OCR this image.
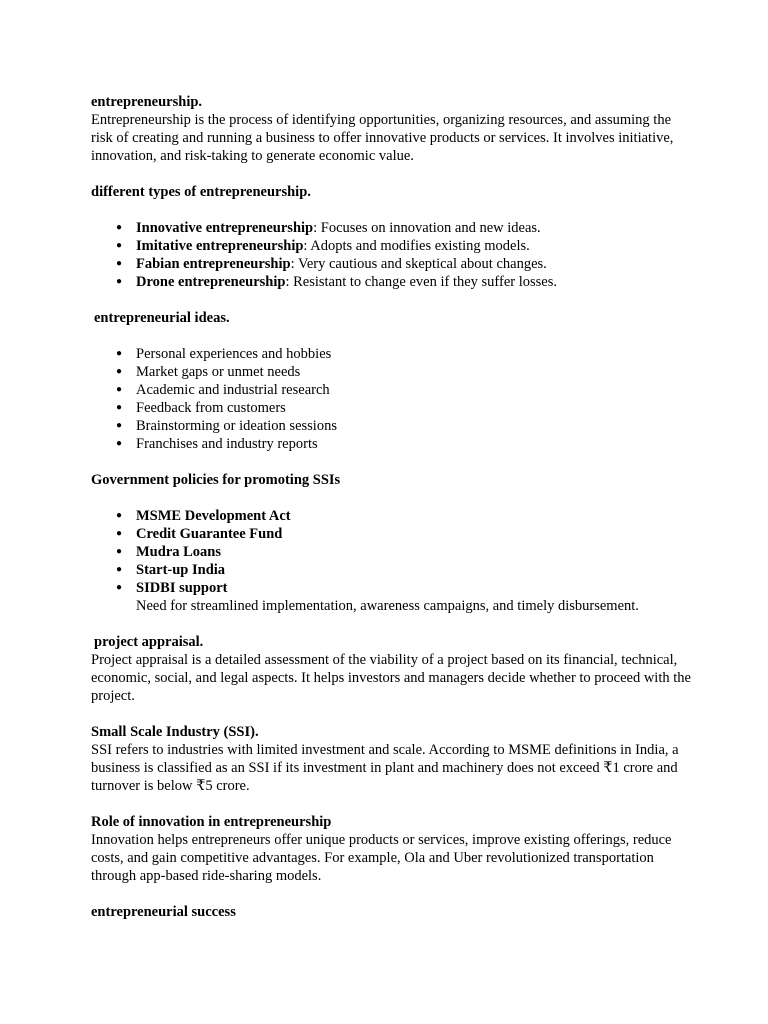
entrepreneurship.

Entrepreneurship is the process of identifying opportunities, organizing resources, and assuming the risk of creating and running a business to offer innovative products or services. It involves initiative, innovation, and risk-taking to generate economic value.

different types of entrepreneurship.

● Innovative entrepreneurship: Focuses on innovation and new ideas.
● Imitative entrepreneurship: Adopts and modifies existing models.
● Fabian entrepreneurship: Very cautious and skeptical about changes.
● Drone entrepreneurship: Resistant to change even if they suffer losses.

entrepreneurial ideas.

● Personal experiences and hobbies
● Market gaps or unmet needs
● Academic and industrial research
● Feedback from customers
● Brainstorming or ideation sessions
● Franchises and industry reports

Government policies for promoting SSIs

● MSME Development Act
● Credit Guarantee Fund
● Mudra Loans
● Start-up India
● SIDBI support

Need for streamlined implementation, awareness campaigns, and timely disbursement.

project appraisal.

Project appraisal is a detailed assessment of the viability of a project based on its financial, technical, economic, social, and legal aspects. It helps investors and managers decide whether to proceed with the project.

Small Scale Industry (SSI).

SSI refers to industries with limited investment and scale. According to MSME definitions in India, a business is classified as an SSI if its investment in plant and machinery does not exceed ₹1 crore and turnover is below ₹5 crore.

Role of innovation in entrepreneurship

Innovation helps entrepreneurs offer unique products or services, improve existing offerings, reduce costs, and gain competitive advantages. For example, Ola and Uber revolutionized transportation through app-based ride-sharing models.

entrepreneurial success
